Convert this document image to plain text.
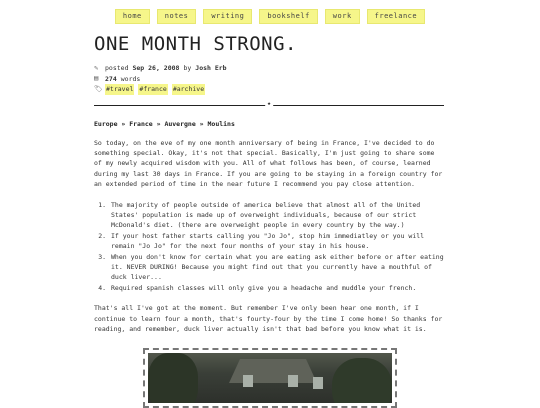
home	notes	writing	bookshelf	work	freelance
ONE MONTH STRONG.
✎	posted Sep 26, 2008 by Josh Erb
▤	274 words
🏷 #travel #france #archive
★
Europe » France » Auvergne » Moulins

So today, on the eve of my one month anniversary of being in France, I've decided to do something special. Okay, it's not that special. Basically, I'm just going to share some of my newly acquired wisdom with you. All of what follows has been, of course, learned during my last 30 days in France. If you are going to be staying in a foreign country for an extended period of time in the near future I recommend you pay close attention.

1. The majority of people outside of america believe that almost all of the United States' population is made up of overweight individuals, because of our strict McDonald's diet. (there are overweight people in every country by the way.)
2. If your host father starts calling you "Jo Jo", stop him immediatley or you will remain "Jo Jo" for the next four months of your stay in his house.
3. When you don't know for certain what you are eating ask either before or after eating it. NEVER DURING! Because you might find out that you currently have a mouthful of duck liver...
4. Required spanish classes will only give you a headache and muddle your french.

That's all I've got at the moment. But remember I've only been hear one month, if I continue to learn four a month, that's fourty-four by the time I come home! So thanks for reading, and remember, duck liver actually isn't that bad before you know what it is.
